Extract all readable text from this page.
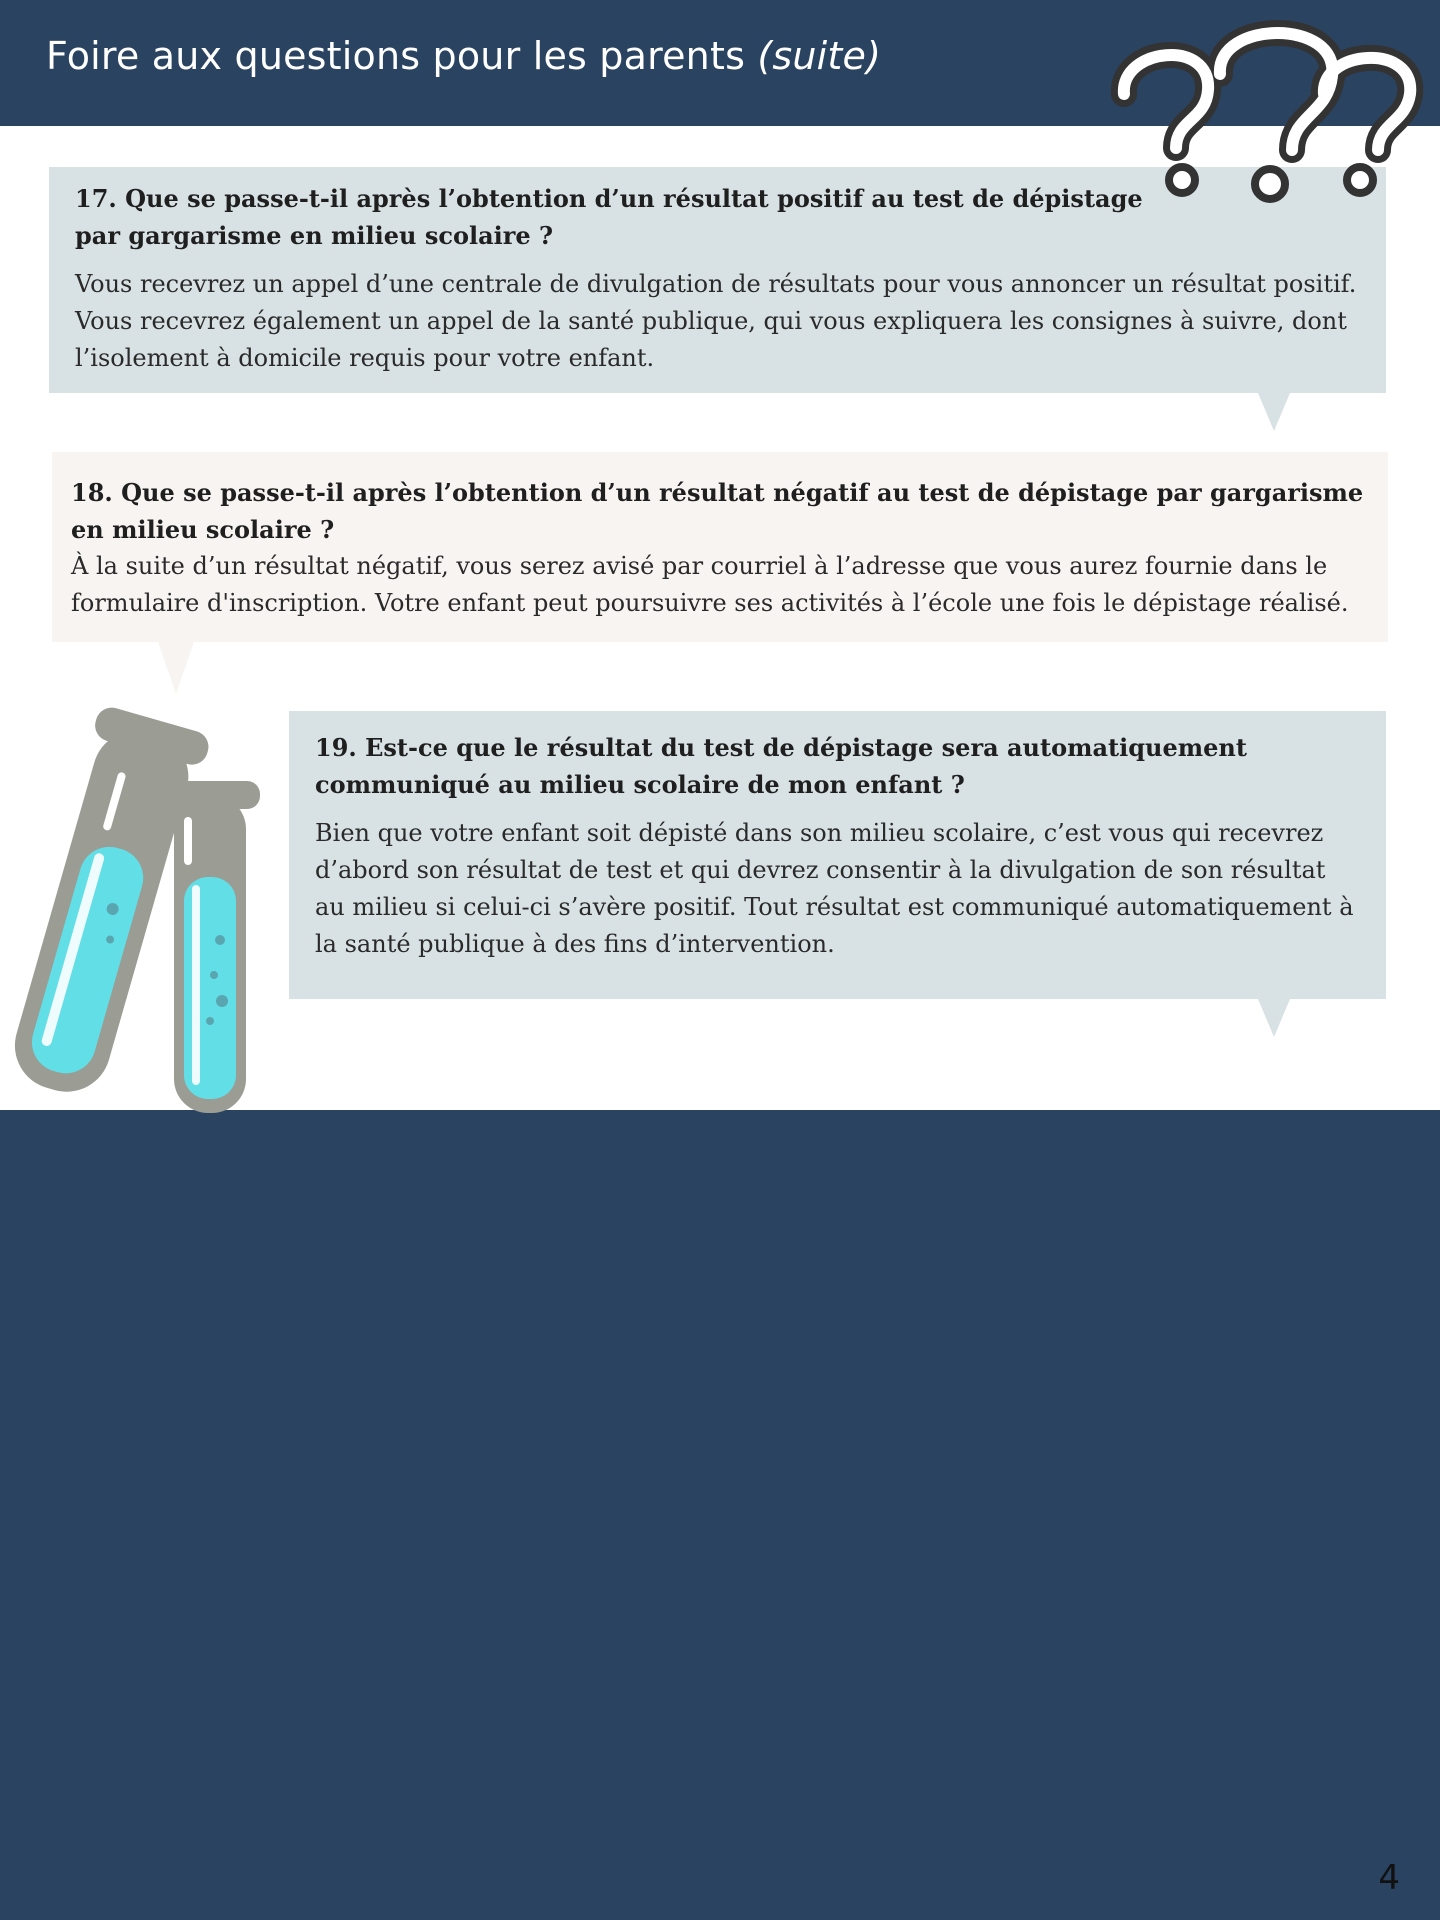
Foire aux questions pour les parents (suite)

17. Que se passe-t-il après l’obtention d’un résultat positif au test de dépistage par gargarisme en milieu scolaire ?

Vous recevrez un appel d’une centrale de divulgation de résultats pour vous annoncer un résultat positif. Vous recevrez également un appel de la santé publique, qui vous expliquera les consignes à suivre, dont l’isolement à domicile requis pour votre enfant.

18. Que se passe-t-il après l’obtention d’un résultat négatif au test de dépistage par gargarisme en milieu scolaire ?

À la suite d’un résultat négatif, vous serez avisé par courriel à l’adresse que vous aurez fournie dans le formulaire d'inscription. Votre enfant peut poursuivre ses activités à l’école une fois le dépistage réalisé.

19. Est-ce que le résultat du test de dépistage sera automatiquement communiqué au milieu scolaire de mon enfant ?

Bien que votre enfant soit dépisté dans son milieu scolaire, c’est vous qui recevrez d’abord son résultat de test et qui devrez consentir à la divulgation de son résultat au milieu si celui-ci s’avère positif. Tout résultat est communiqué automatiquement à la santé publique à des fins d’intervention.

4
